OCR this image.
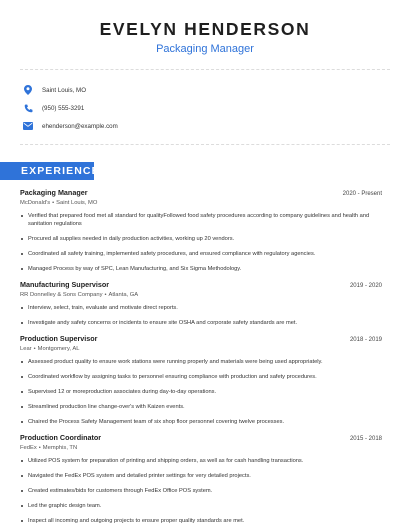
EVELYN HENDERSON
Packaging Manager
Saint Louis, MO
(950) 555-3291
ehenderson@example.com
EXPERIENCE
Packaging Manager	2020 - Present
McDonald's • Saint Louis, MO
Verified that prepared food met all standard for qualityFollowed food safety procedures according to company guidelines and health and sanitation regulations
Procured all supplies needed in daily production activities, working up 20 vendors.
Coordinated all safety training, implemented safety procedures, and ensured compliance with regulatory agencies.
Managed Process by way of SPC, Lean Manufacturing, and Six Sigma Methodology.
Manufacturing Supervisor	2019 - 2020
RR Donnelley & Sons Company • Atlanta, GA
Interview, select, train, evaluate and motivate direct reports.
Investigate andy safety concerns or incidents to ensure site OSHA and corporate safety standards are met.
Production Supervisor	2018 - 2019
Lear • Montgomery, AL
Assessed product quality to ensure work stations were running properly and materials were being used appropriately.
Coordinated workflow by assigning tasks to personnel ensuring compliance with production and safety procedures.
Supervised 12 or moreproduction associates during day-to-day operations.
Streamlined production line change-over's with Kaizen events.
Chaired the Process Safety Management team of six shop floor personnel covering twelve processes.
Production Coordinator	2015 - 2018
FedEx • Memphis, TN
Utilized POS system for preparation of printing and shipping orders, as well as for cash handling transactions.
Navigated the FedEx POS system and detailed printer settings for very detailed projects.
Created estimates/bids for customers through FedEx Office POS system.
Led the graphic design team.
Inspect all incoming and outgoing projects to ensure proper quality standards are met.
